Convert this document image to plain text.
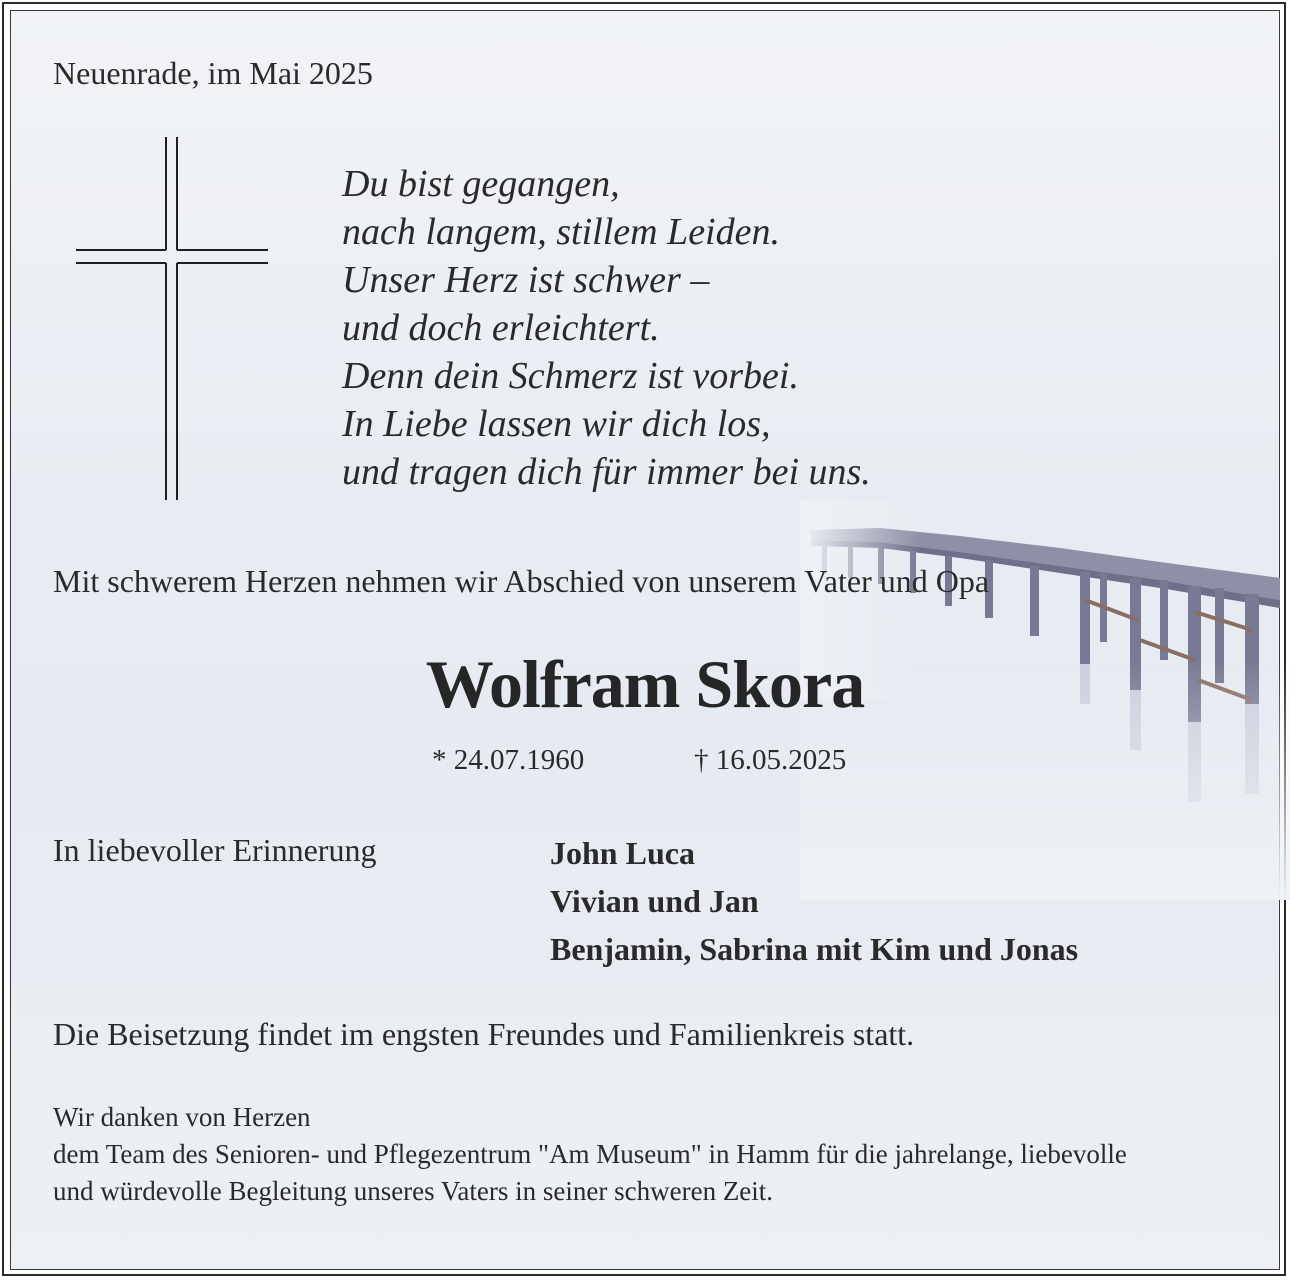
Neuenrade, im Mai 2025
Du bist gegangen,
nach langem, stillem Leiden.
Unser Herz ist schwer –
und doch erleichtert.
Denn dein Schmerz ist vorbei.
In Liebe lassen wir dich los,
und tragen dich für immer bei uns.
Mit schwerem Herzen nehmen wir Abschied von unserem Vater und Opa
Wolfram Skora
* 24.07.1960	† 16.05.2025
In liebevoller Erinnerung	John Luca
Vivian und Jan
Benjamin, Sabrina mit Kim und Jonas
Die Beisetzung findet im engsten Freundes und Familienkreis statt.
Wir danken von Herzen
dem Team des Senioren- und Pflegezentrum "Am Museum" in Hamm für die jahrelange, liebevolle
und würdevolle Begleitung unseres Vaters in seiner schweren Zeit.
